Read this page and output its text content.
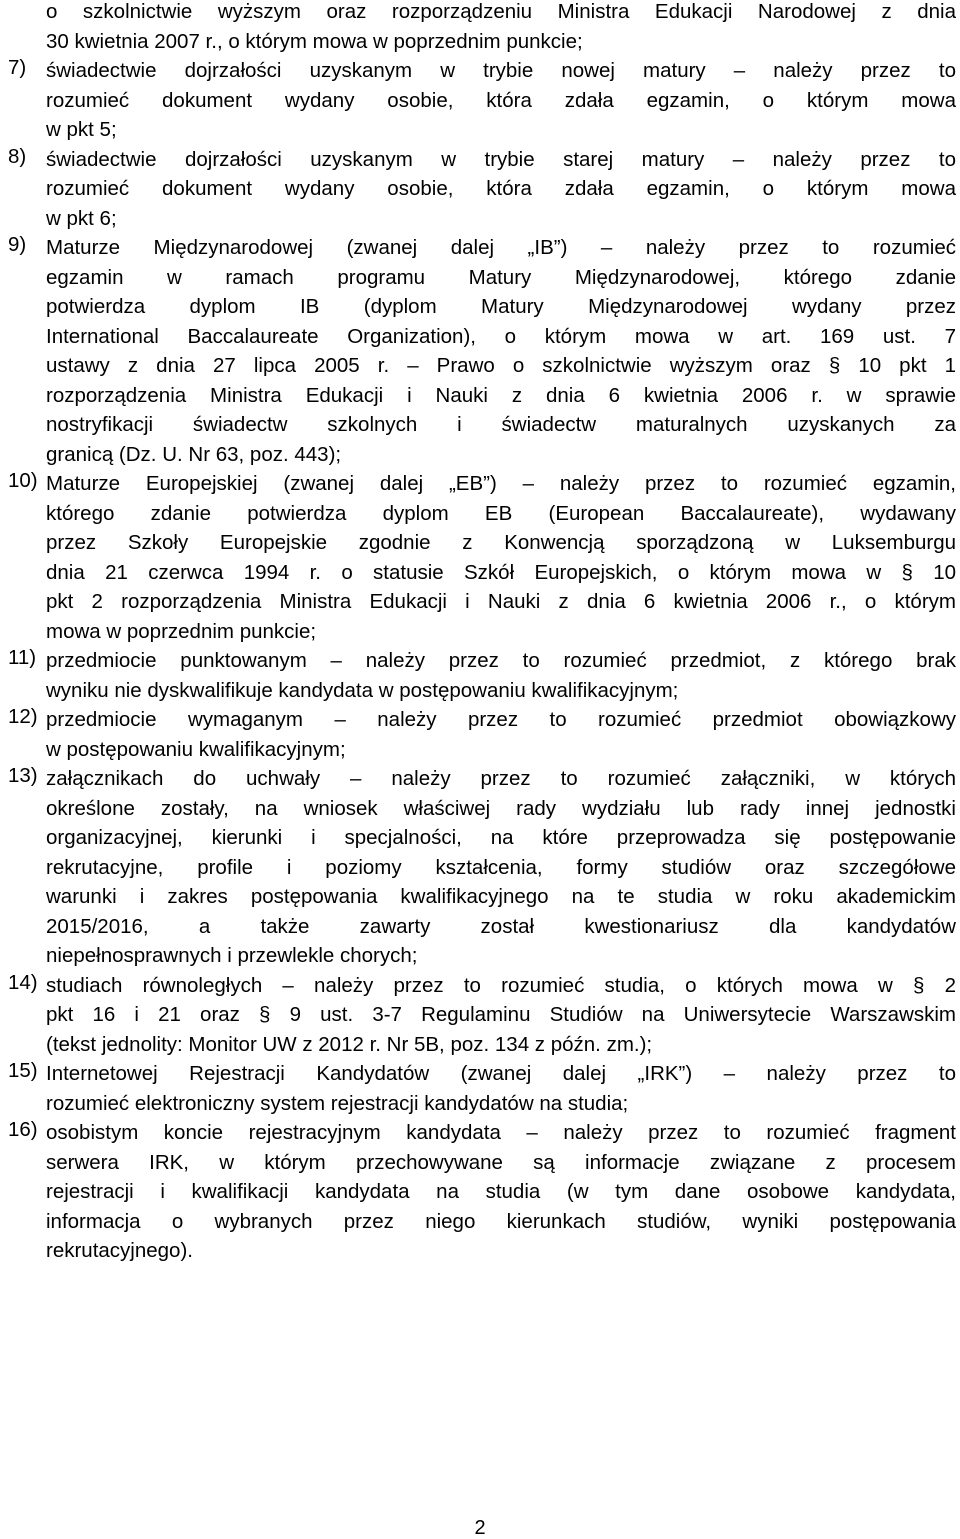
o szkolnictwie wyższym oraz rozporządzeniu Ministra Edukacji Narodowej z dnia
30 kwietnia 2007 r., o którym mowa w poprzednim punkcie;
7) świadectwie dojrzałości uzyskanym w trybie nowej matury – należy przez to
rozumieć dokument wydany osobie, która zdała egzamin, o którym mowa
w pkt 5;
8) świadectwie dojrzałości uzyskanym w trybie starej matury – należy przez to
rozumieć dokument wydany osobie, która zdała egzamin, o którym mowa
w pkt 6;
9) Maturze Międzynarodowej (zwanej dalej „IB”) – należy przez to rozumieć
egzamin w ramach programu Matury Międzynarodowej, którego zdanie
potwierdza dyplom IB (dyplom Matury Międzynarodowej wydany przez
International Baccalaureate Organization), o którym mowa w art. 169 ust. 7
ustawy z dnia 27 lipca 2005 r. – Prawo o szkolnictwie wyższym oraz § 10 pkt 1
rozporządzenia Ministra Edukacji i Nauki z dnia 6 kwietnia 2006 r. w sprawie
nostryfikacji świadectw szkolnych i świadectw maturalnych uzyskanych za
granicą (Dz. U. Nr 63, poz. 443);
10) Maturze Europejskiej (zwanej dalej „EB”) – należy przez to rozumieć egzamin,
którego zdanie potwierdza dyplom EB (European Baccalaureate), wydawany
przez Szkoły Europejskie zgodnie z Konwencją sporządzoną w Luksemburgu
dnia 21 czerwca 1994 r. o statusie Szkół Europejskich, o którym mowa w § 10
pkt 2 rozporządzenia Ministra Edukacji i Nauki z dnia 6 kwietnia 2006 r., o którym
mowa w poprzednim punkcie;
11) przedmiocie punktowanym – należy przez to rozumieć przedmiot, z którego brak
wyniku nie dyskwalifikuje kandydata w postępowaniu kwalifikacyjnym;
12) przedmiocie wymaganym – należy przez to rozumieć przedmiot obowiązkowy
w postępowaniu kwalifikacyjnym;
13) załącznikach do uchwały – należy przez to rozumieć załączniki, w których
określone zostały, na wniosek właściwej rady wydziału lub rady innej jednostki
organizacyjnej, kierunki i specjalności, na które przeprowadza się postępowanie
rekrutacyjne, profile i poziomy kształcenia, formy studiów oraz szczegółowe
warunki i zakres postępowania kwalifikacyjnego na te studia w roku akademickim
2015/2016, a także zawarty został kwestionariusz dla kandydatów
niepełnosprawnych i przewlekle chorych;
14) studiach równoległych – należy przez to rozumieć studia, o których mowa w § 2
pkt 16 i 21 oraz § 9 ust. 3-7 Regulaminu Studiów na Uniwersytecie Warszawskim
(tekst jednolity: Monitor UW z 2012 r. Nr 5B, poz. 134 z późn. zm.);
15) Internetowej Rejestracji Kandydatów (zwanej dalej „IRK”) – należy przez to
rozumieć elektroniczny system rejestracji kandydatów na studia;
16) osobistym koncie rejestracyjnym kandydata – należy przez to rozumieć fragment
serwera IRK, w którym przechowywane są informacje związane z procesem
rejestracji i kwalifikacji kandydata na studia (w tym dane osobowe kandydata,
informacja o wybranych przez niego kierunkach studiów, wyniki postępowania
rekrutacyjnego).
2
